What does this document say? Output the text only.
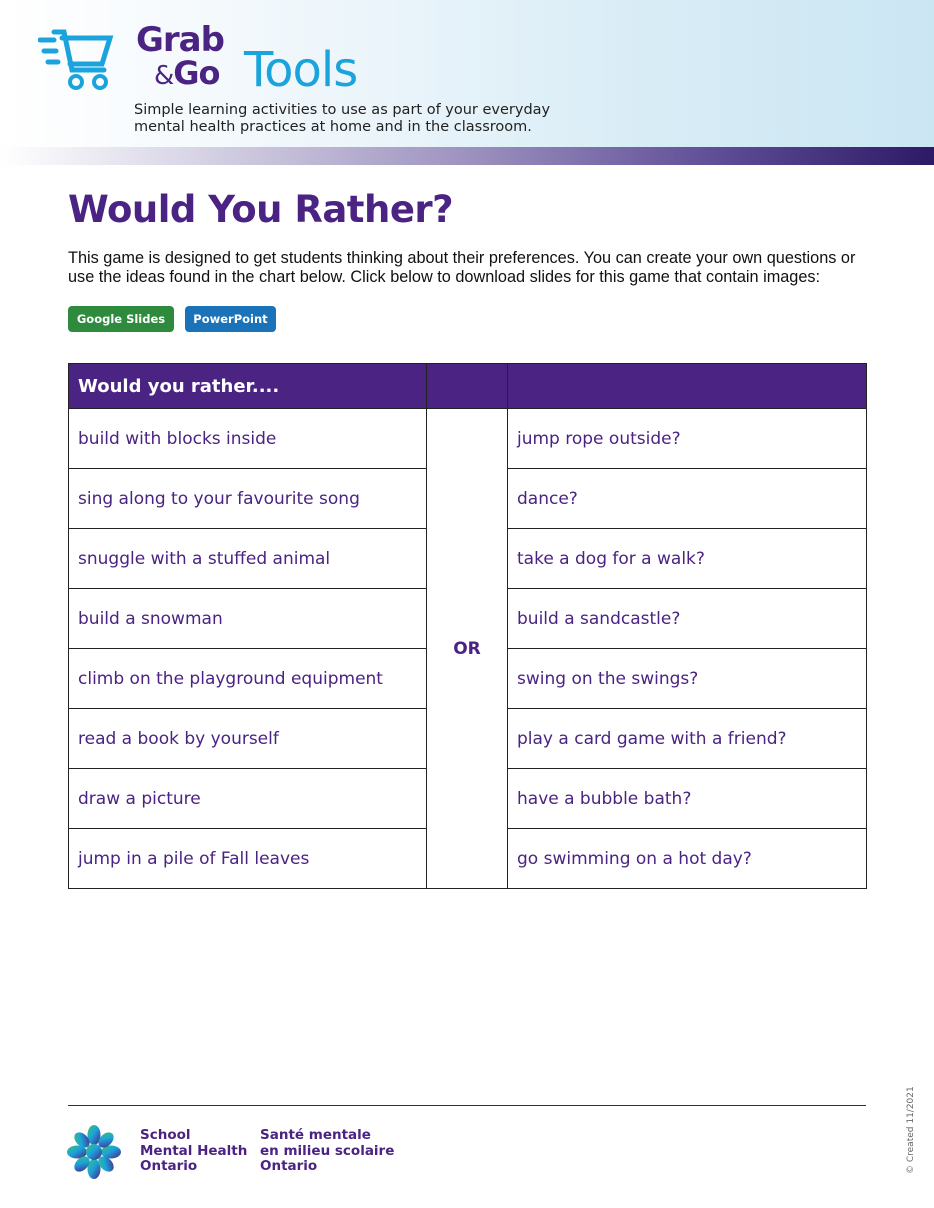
Grab
&Go Tools
Simple learning activities to use as part of your everyday mental health practices at home and in the classroom.
Would You Rather?
This game is designed to get students thinking about their preferences. You can create your own questions or use the ideas found in the chart below. Click below to download slides for this game that contain images:
Google Slides	PowerPoint
Would you rather....		
build with blocks inside	OR	jump rope outside?
sing along to your favourite song		dance?
snuggle with a stuffed animal		take a dog for a walk?
build a snowman		build a sandcastle?
climb on the playground equipment		swing on the swings?
read a book by yourself		play a card game with a friend?
draw a picture		have a bubble bath?
jump in a pile of Fall leaves		go swimming on a hot day?
School
Mental Health
Ontario
Santé mentale
en milieu scolaire
Ontario	© Created 11/2021
